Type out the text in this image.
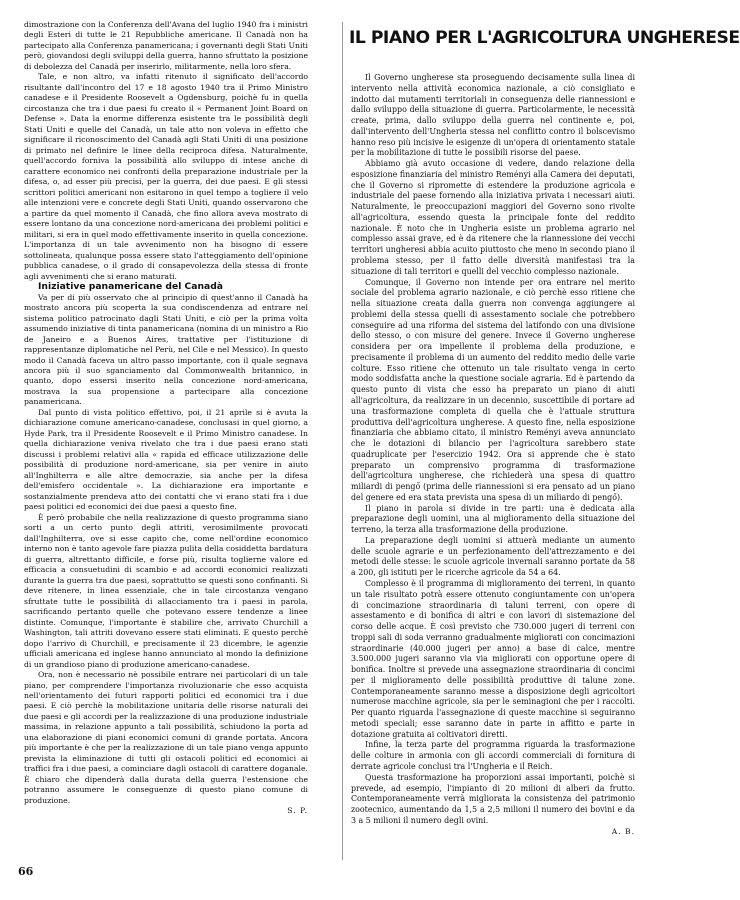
dimostrazione con la Conferenza dell'Avana del luglio 1940 fra i ministri degli Esteri di tutte le 21 Repubbliche americane. Il Canadà non ha partecipato alla Conferenza panamericana; i governanti degli Stati Uniti però, giovandosi degli sviluppi della guerra, hanno sfruttato la posizione di debolezza del Canadà per inserirlo, militarmente, nella loro sfera.

Tale, e non altro, va infatti ritenuto il significato dell'accordo risultante dall'incontro del 17 e 18 agosto 1940 tra il Primo Ministro canadese e il Presidente Roosevelt a Ogdensburg, poichè fu in quella circostanza che tra i due paesi fu creato il « Permanent Joint Board on Defense ». Data la enorme differenza esistente tra le possibilità degli Stati Uniti e quelle del Canadà, un tale atto non voleva in effetto che significare il riconoscimento del Canadà agli Stati Uniti di una posizione di primato nel definire le linee della reciproca difesa. Naturalmente, quell'accordo forniva la possibilità allo sviluppo di intese anche di carattere economico nei confronti della preparazione industriale per la difesa, o, ad esser più precisi, per la guerra, dei due paesi. E gli stessi scrittori politici americani non esitarono in quel tempo a togliere il velo alle intenzioni vere e concrete degli Stati Uniti, quando osservarono che a partire da quel momento il Canadà, che fino allora aveva mostrato di essere lontano da una concezione nord-americana dei problemi politici e militari, si era in quel modo effettivamente inserito in quella concezione. L'importanza di un tale avvenimento non ha bisogno di essere sottolineata, qualunque possa essere stato l'atteggiamento dell'opinione pubblica canadese, o il grado di consapevolezza della stessa di fronte agli avvenimenti che si erano maturati.

Iniziative panamericane del Canadà

Va per di più osservato che al principio di quest'anno il Canadà ha mostrato ancora più scoperta la sua condiscendenza ad entrare nel sistema politico patrocinato dagli Stati Uniti, e ciò per la prima volta assumendo iniziative di tinta panamericana (nomina di un ministro a Rio de Janeiro e a Buenos Aires, trattative per l'istituzione di rappresentanze diplomatiche nel Perù, nel Cile e nel Messico). In questo modo il Canadà faceva un altro passo importante, con il quale segnava ancora più il suo sganciamento dal Commonwealth britannico, in quanto, dopo essersi inserito nella concezione nord-americana, mostrava la sua propensione a partecipare alla concezione panamericana.

Dal punto di vista politico effettivo, poi, il 21 aprile si è avuta la dichiarazione comune americano-canadese, conclusasi in quel giorno, a Hyde Park, tra il Presidente Roosevelt e il Primo Ministro canadese. In quella dichiarazione veniva rivelato che tra i due paesi erano stati discussi i problemi relativi alla « rapida ed efficace utilizzazione delle possibilità di produzione nord-americane, sia per venire in aiuto all'Inghilterra e alle altre democrazie, sia anche per la difesa dell'emisfero occidentale ». La dichiarazione era importante e sostanzialmente prendeva atto dei contatti che vi erano stati fra i due paesi politici ed economici dei due paesi a questo fine.

È però probabile che nella realizzazione di questo programma siano sorti a un certo punto degli attriti, verosimilmente provocati dall'Inghilterra, ove si esse capito che, come nell'ordine economico interno non è tanto agevole fare piazza pulita della cosiddetta bardatura di guerra, altrettanto difficile, e forse più, risulta toglierne valore ed efficacia a consuetudini di scambio e ad accordi economici realizzati durante la guerra tra due paesi, soprattutto se questi sono confinanti. Si deve ritenere, in linea essenziale, che in tale circostanza vengano sfruttate tutte le possibilità di allacciamento tra i paesi in parola, sacrificando pertanto quelle che potevano essere tendenze a linee distinte. Comunque, l'importante è stabilire che, arrivato Churchill a Washington, tali attriti dovevano essere stati eliminati. E questo perchè dopo l'arrivo di Churchill, e precisamente il 23 dicembre, le agenzie ufficiali americana ed inglese hanno annunciato al mondo la definizione di un grandioso piano di produzione americano-canadese.

Ora, non è necessario nè possibile entrare nei particolari di un tale piano, per comprendere l'importanza rivoluzionarie che esso acquista nell'orientamento dei futuri rapporti politici ed economici tra i due paesi. E ciò perchè la mobilitazione unitaria delle risorse naturali dei due paesi e gli accordi per la realizzazione di una produzione industriale massima, in relazione appunto a tali possibilità, schiudono la porta ad una elaborazione di piani economici comuni di grande portata. Ancora più importante è che per la realizzazione di un tale piano venga appunto prevista la eliminazione di tutti gli ostacoli politici ed economici ai traffici fra i due paesi, a cominciare dagli ostacoli di carattere doganale. È chiaro che dipenderà dalla durata della guerra l'estensione che potranno assumere le conseguenze di questo piano comune di produzione.

S. P.

IL PIANO PER L'AGRICOLTURA UNGHERESE

Il Governo ungherese sta proseguendo decisamente sulla linea di intervento nella attività economica nazionale, a ciò consigliato e indotto dai mutamenti territoriali in conseguenza delle riannessioni e dallo sviluppo della situazione di guerra. Particolarmente, le necessità create, prima, dallo sviluppo della guerra nel continente e, poi, dall'intervento dell'Ungheria stessa nel conflitto contro il bolscevismo hanno reso più incisive le esigenze di un'opera di orientamento statale per la mobilitazione di tutte le possibili risorse del paese.

Abbiamo già avuto occasione di vedere, dando relazione della esposizione finanziaria del ministro Reményi alla Camera dei deputati, che il Governo si ripromette di estendere la produzione agricola e industriale del paese fornendo alla iniziativa privata i necessari aiuti. Naturalmente, le preoccupazioni maggiori del Governo sono rivolte all'agricoltura, essendo questa la principale fonte del reddito nazionale. È noto che in Ungheria esiste un problema agrario nel complesso assai grave, ed è da ritenere che la riannessione dei vecchi territori ungheresi abbia acuito piuttosto che meno in secondo piano il problema stesso, per il fatto delle diversità manifestasi tra la situazione di tali territori e quelli del vecchio complesso nazionale.

Comunque, il Governo non intende per ora entrare nel merito sociale del problema agrario nazionale, e ciò perchè esso ritiene che nella situazione creata dalla guerra non convenga aggiungere ai problemi della stessa quelli di assestamento sociale che potrebbero conseguire ad una riforma del sistema del latifondo con una divisione dello stesso, o con misure del genere. Invece il Governo ungherese considera per ora impellente il problema della produzione, e precisamente il problema di un aumento del reddito medio delle varie colture. Esso ritiene che ottenuto un tale risultato venga in certo modo soddisfatta anche la questione sociale agraria. Ed è partendo da questo punto di vista che esso ha preparato un piano di aiuti all'agricoltura, da realizzare in un decennio, suscettibile di portare ad una trasformazione completa di quella che è l'attuale struttura produttiva dell'agricoltura ungherese. A questo fine, nella esposizione finanziaria che abbiamo citato, il ministro Reményi aveva annunciato che le dotazioni di bilancio per l'agricoltura sarebbero state quadruplicate per l'esercizio 1942. Ora si apprende che è stato preparato un comprensivo programma di trasformazione dell'agricoltura ungherese, che richiederà una spesa di quattro miliardi di pengő (prima delle riannessioni si era pensato ad un piano del genere ed era stata prevista una spesa di un miliardo di pengő).

Il piano in parola si divide in tre parti: una è dedicata alla preparazione degli uomini, una al miglioramento della situazione del terreno, la terza alla trasformazione della produzione.

La preparazione degli uomini si attuerà mediante un aumento delle scuole agrarie e un perfezionamento dell'attrezzamento e dei metodi delle stesse: le scuole agricole invernali saranno portate da 58 a 200, gli istituti per le ricerche agricole da 54 a 64.

Complesso è il programma di miglioramento dei terreni, in quanto un tale risultato potrà essere ottenuto congiuntamente con un'opera di concimazione straordinaria di taluni terreni, con opere di assestamento e di bonifica di altri e con lavori di sistemazione del corso delle acque. È così previsto che 730.000 jugeri di terreni con troppi sali di soda verranno gradualmente migliorati con concimazioni straordinarie (40.000 jugeri per anno) a base di calce, mentre 3.500.000 jugeri saranno via via migliorati con opportune opere di bonifica. Inoltre si prevede una assegnazione straordinaria di concimi per il miglioramento delle possibilità produttive di talune zone. Contemporaneamente saranno messe a disposizione degli agricoltori numerose macchine agricole, sia per le seminagioni che per i raccolti. Per quanto riguarda l'assegnazione di queste macchine si seguiranno metodi speciali; esse saranno date in parte in affitto e parte in dotazione gratuita ai coltivatori diretti.

Infine, la terza parte del programma riguarda la trasformazione delle colture in armonia con gli accordi commerciali di fornitura di derrate agricole conclusi tra l'Ungheria e il Reich.

Questa trasformazione ha proporzioni assai importanti, poichè si prevede, ad esempio, l'impianto di 20 milioni di alberi da frutto. Contemporaneamente verrà migliorata la consistenza del patrimonio zootecnico, aumentando da 1,5 a 2,5 milioni il numero dei bovini e da 3 a 5 milioni il numero degli ovini.

A. B.

66
